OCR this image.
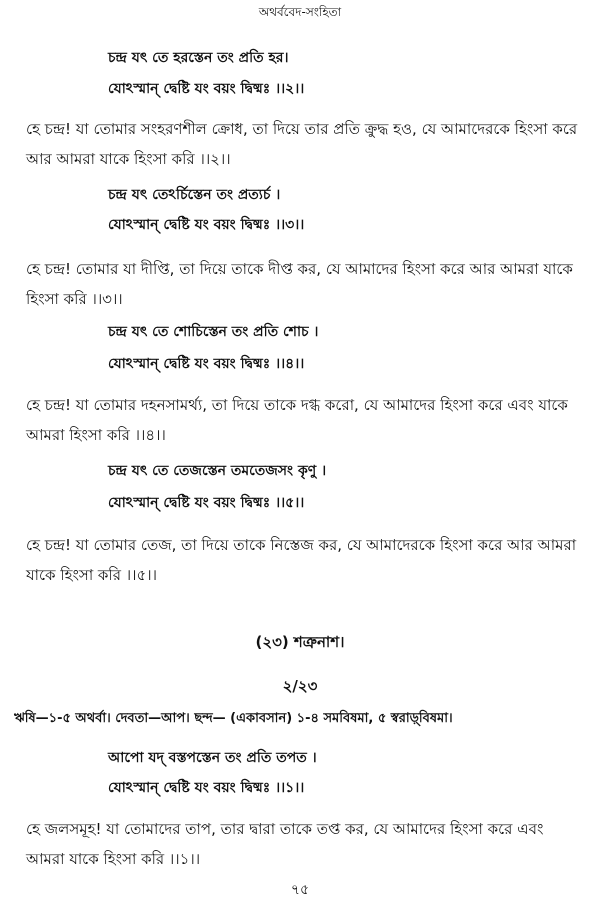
অথর্ববেদ-সংহিতা
চন্দ্র যৎ তে হরস্তেন তং প্রতি হর।
যোঽস্মান্ দ্বেষ্টি যং বয়ং দ্বিষ্মঃ ।।২।।
হে চন্দ্র! যা তোমার সংহরণশীল ক্রোধ, তা দিয়ে তার প্রতি ক্রুদ্ধ হও, যে আমাদেরকে হিংসা করে আর আমরা যাকে হিংসা করি ।।২।।
চন্দ্র যৎ তেঽর্চিস্তেন তং প্রত্যর্চ ।
যোঽস্মান্ দ্বেষ্টি যং বয়ং দ্বিষ্মঃ ।।৩।।
হে চন্দ্র! তোমার যা দীপ্তি, তা দিয়ে তাকে দীপ্ত কর, যে আমাদের হিংসা করে আর আমরা যাকে হিংসা করি ।।৩।।
চন্দ্র যৎ তে শোচিস্তেন তং প্রতি শোচ ।
যোঽস্মান্ দ্বেষ্টি যং বয়ং দ্বিষ্মঃ ।।৪।।
হে চন্দ্র! যা তোমার দহনসামর্থ্য, তা দিয়ে তাকে দগ্ধ করো, যে আমাদের হিংসা করে এবং যাকে আমরা হিংসা করি ।।৪।।
চন্দ্র যৎ তে তেজস্তেন তমতেজসং কৃণু ।
যোঽস্মান্ দ্বেষ্টি যং বয়ং দ্বিষ্মঃ ।।৫।।
হে চন্দ্র! যা তোমার তেজ, তা দিয়ে তাকে নিস্তেজ কর, যে আমাদেরকে হিংসা করে আর আমরা যাকে হিংসা করি ।।৫।।
(২৩) শত্রুনাশ।
২/২৩
ঋষি—১-৫ অথর্বা। দেবতা—আপ। ছন্দ— (একাবসান) ১-৪ সমবিষমা, ৫ স্বরাড়্‌বিষমা।
আপো যদ্ বস্তপস্তেন তং প্রতি তপত ।
যোঽস্মান্ দ্বেষ্টি যং বয়ং দ্বিষ্মঃ ।।১।।
হে জলসমূহ! যা তোমাদের তাপ, তার দ্বারা তাকে তপ্ত কর, যে আমাদের হিংসা করে এবং আমরা যাকে হিংসা করি ।।১।।
৭৫
